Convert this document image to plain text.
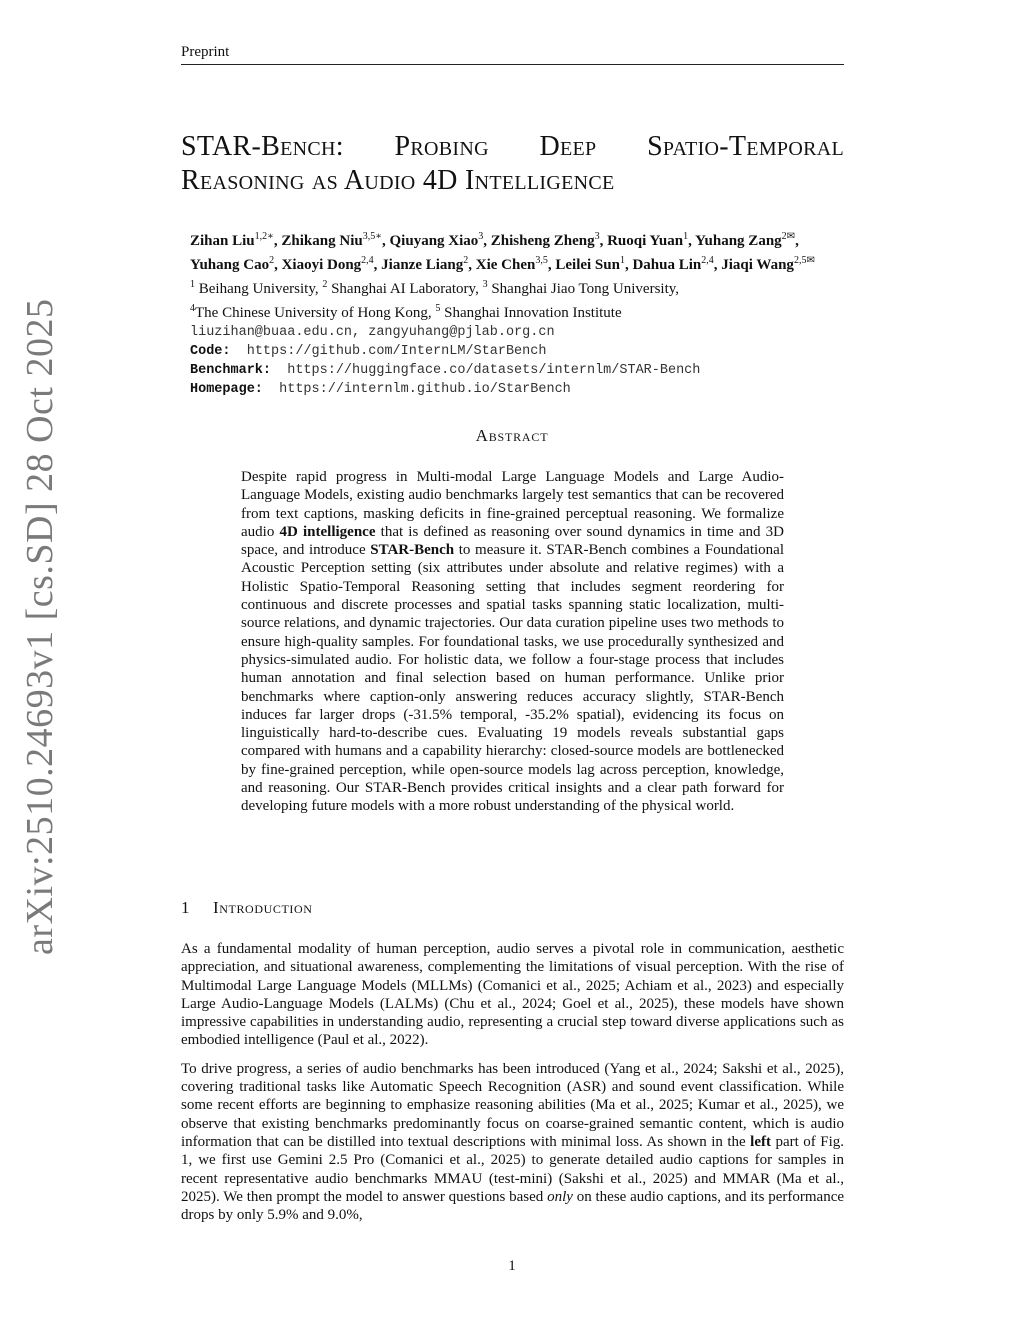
Preprint
arXiv:2510.24693v1 [cs.SD] 28 Oct 2025
STAR-Bench: Probing Deep Spatio-Temporal
Reasoning as Audio 4D Intelligence
Zihan Liu$^{1,2∗}$, Zhikang Niu$^{3,5∗}$, Qiuyang Xiao$^3$, Zhisheng Zheng$^3$, Ruoqi Yuan$^1$, Yuhang Zang$^{2✉}$,
Yuhang Cao$^2$, Xiaoyi Dong$^{2,4}$, Jianze Liang$^2$, Xie Chen$^{3,5}$, Leilei Sun$^1$, Dahua Lin$^{2,4}$, Jiaqi Wang$^{2,5✉}$
$^1$ Beihang University, $^2$ Shanghai AI Laboratory, $^3$ Shanghai Jiao Tong University,
$^4$The Chinese University of Hong Kong, $^5$ Shanghai Innovation Institute
liuzihan@buaa.edu.cn, zangyuhang@pjlab.org.cn
Code: https://github.com/InternLM/StarBench
Benchmark: https://huggingface.co/datasets/internlm/STAR-Bench
Homepage: https://internlm.github.io/StarBench
Abstract
Despite rapid progress in Multi-modal Large Language Models and Large Audio-Language Models, existing audio benchmarks largely test semantics that can be recovered from text captions, masking deficits in fine-grained perceptual reasoning. We formalize audio 4D intelligence that is defined as reasoning over sound dynamics in time and 3D space, and introduce STAR-Bench to measure it. STAR-Bench combines a Foundational Acoustic Perception setting (six attributes under absolute and relative regimes) with a Holistic Spatio-Temporal Reasoning setting that includes segment reordering for continuous and discrete processes and spatial tasks spanning static localization, multi-source relations, and dynamic trajectories. Our data curation pipeline uses two methods to ensure high-quality samples. For foundational tasks, we use procedurally synthesized and physics-simulated audio. For holistic data, we follow a four-stage process that includes human annotation and final selection based on human performance. Unlike prior benchmarks where caption-only answering reduces accuracy slightly, STAR-Bench induces far larger drops (-31.5% temporal, -35.2% spatial), evidencing its focus on linguistically hard-to-describe cues. Evaluating 19 models reveals substantial gaps compared with humans and a capability hierarchy: closed-source models are bottlenecked by fine-grained perception, while open-source models lag across perception, knowledge, and reasoning. Our STAR-Bench provides critical insights and a clear path forward for developing future models with a more robust understanding of the physical world.
1 Introduction

As a fundamental modality of human perception, audio serves a pivotal role in communication, aesthetic appreciation, and situational awareness, complementing the limitations of visual perception. With the rise of Multimodal Large Language Models (MLLMs) (Comanici et al., 2025; Achiam et al., 2023) and especially Large Audio-Language Models (LALMs) (Chu et al., 2024; Goel et al., 2025), these models have shown impressive capabilities in understanding audio, representing a crucial step toward diverse applications such as embodied intelligence (Paul et al., 2022).

To drive progress, a series of audio benchmarks has been introduced (Yang et al., 2024; Sakshi et al., 2025), covering traditional tasks like Automatic Speech Recognition (ASR) and sound event classification. While some recent efforts are beginning to emphasize reasoning abilities (Ma et al., 2025; Kumar et al., 2025), we observe that existing benchmarks predominantly focus on coarse-grained semantic content, which is audio information that can be distilled into textual descriptions with minimal loss. As shown in the left part of Fig. 1, we first use Gemini 2.5 Pro (Comanici et al., 2025) to generate detailed audio captions for samples in recent representative audio benchmarks MMAU (test-mini) (Sakshi et al., 2025) and MMAR (Ma et al., 2025). We then prompt the model to answer questions based only on these audio captions, and its performance drops by only 5.9% and 9.0%,

1
